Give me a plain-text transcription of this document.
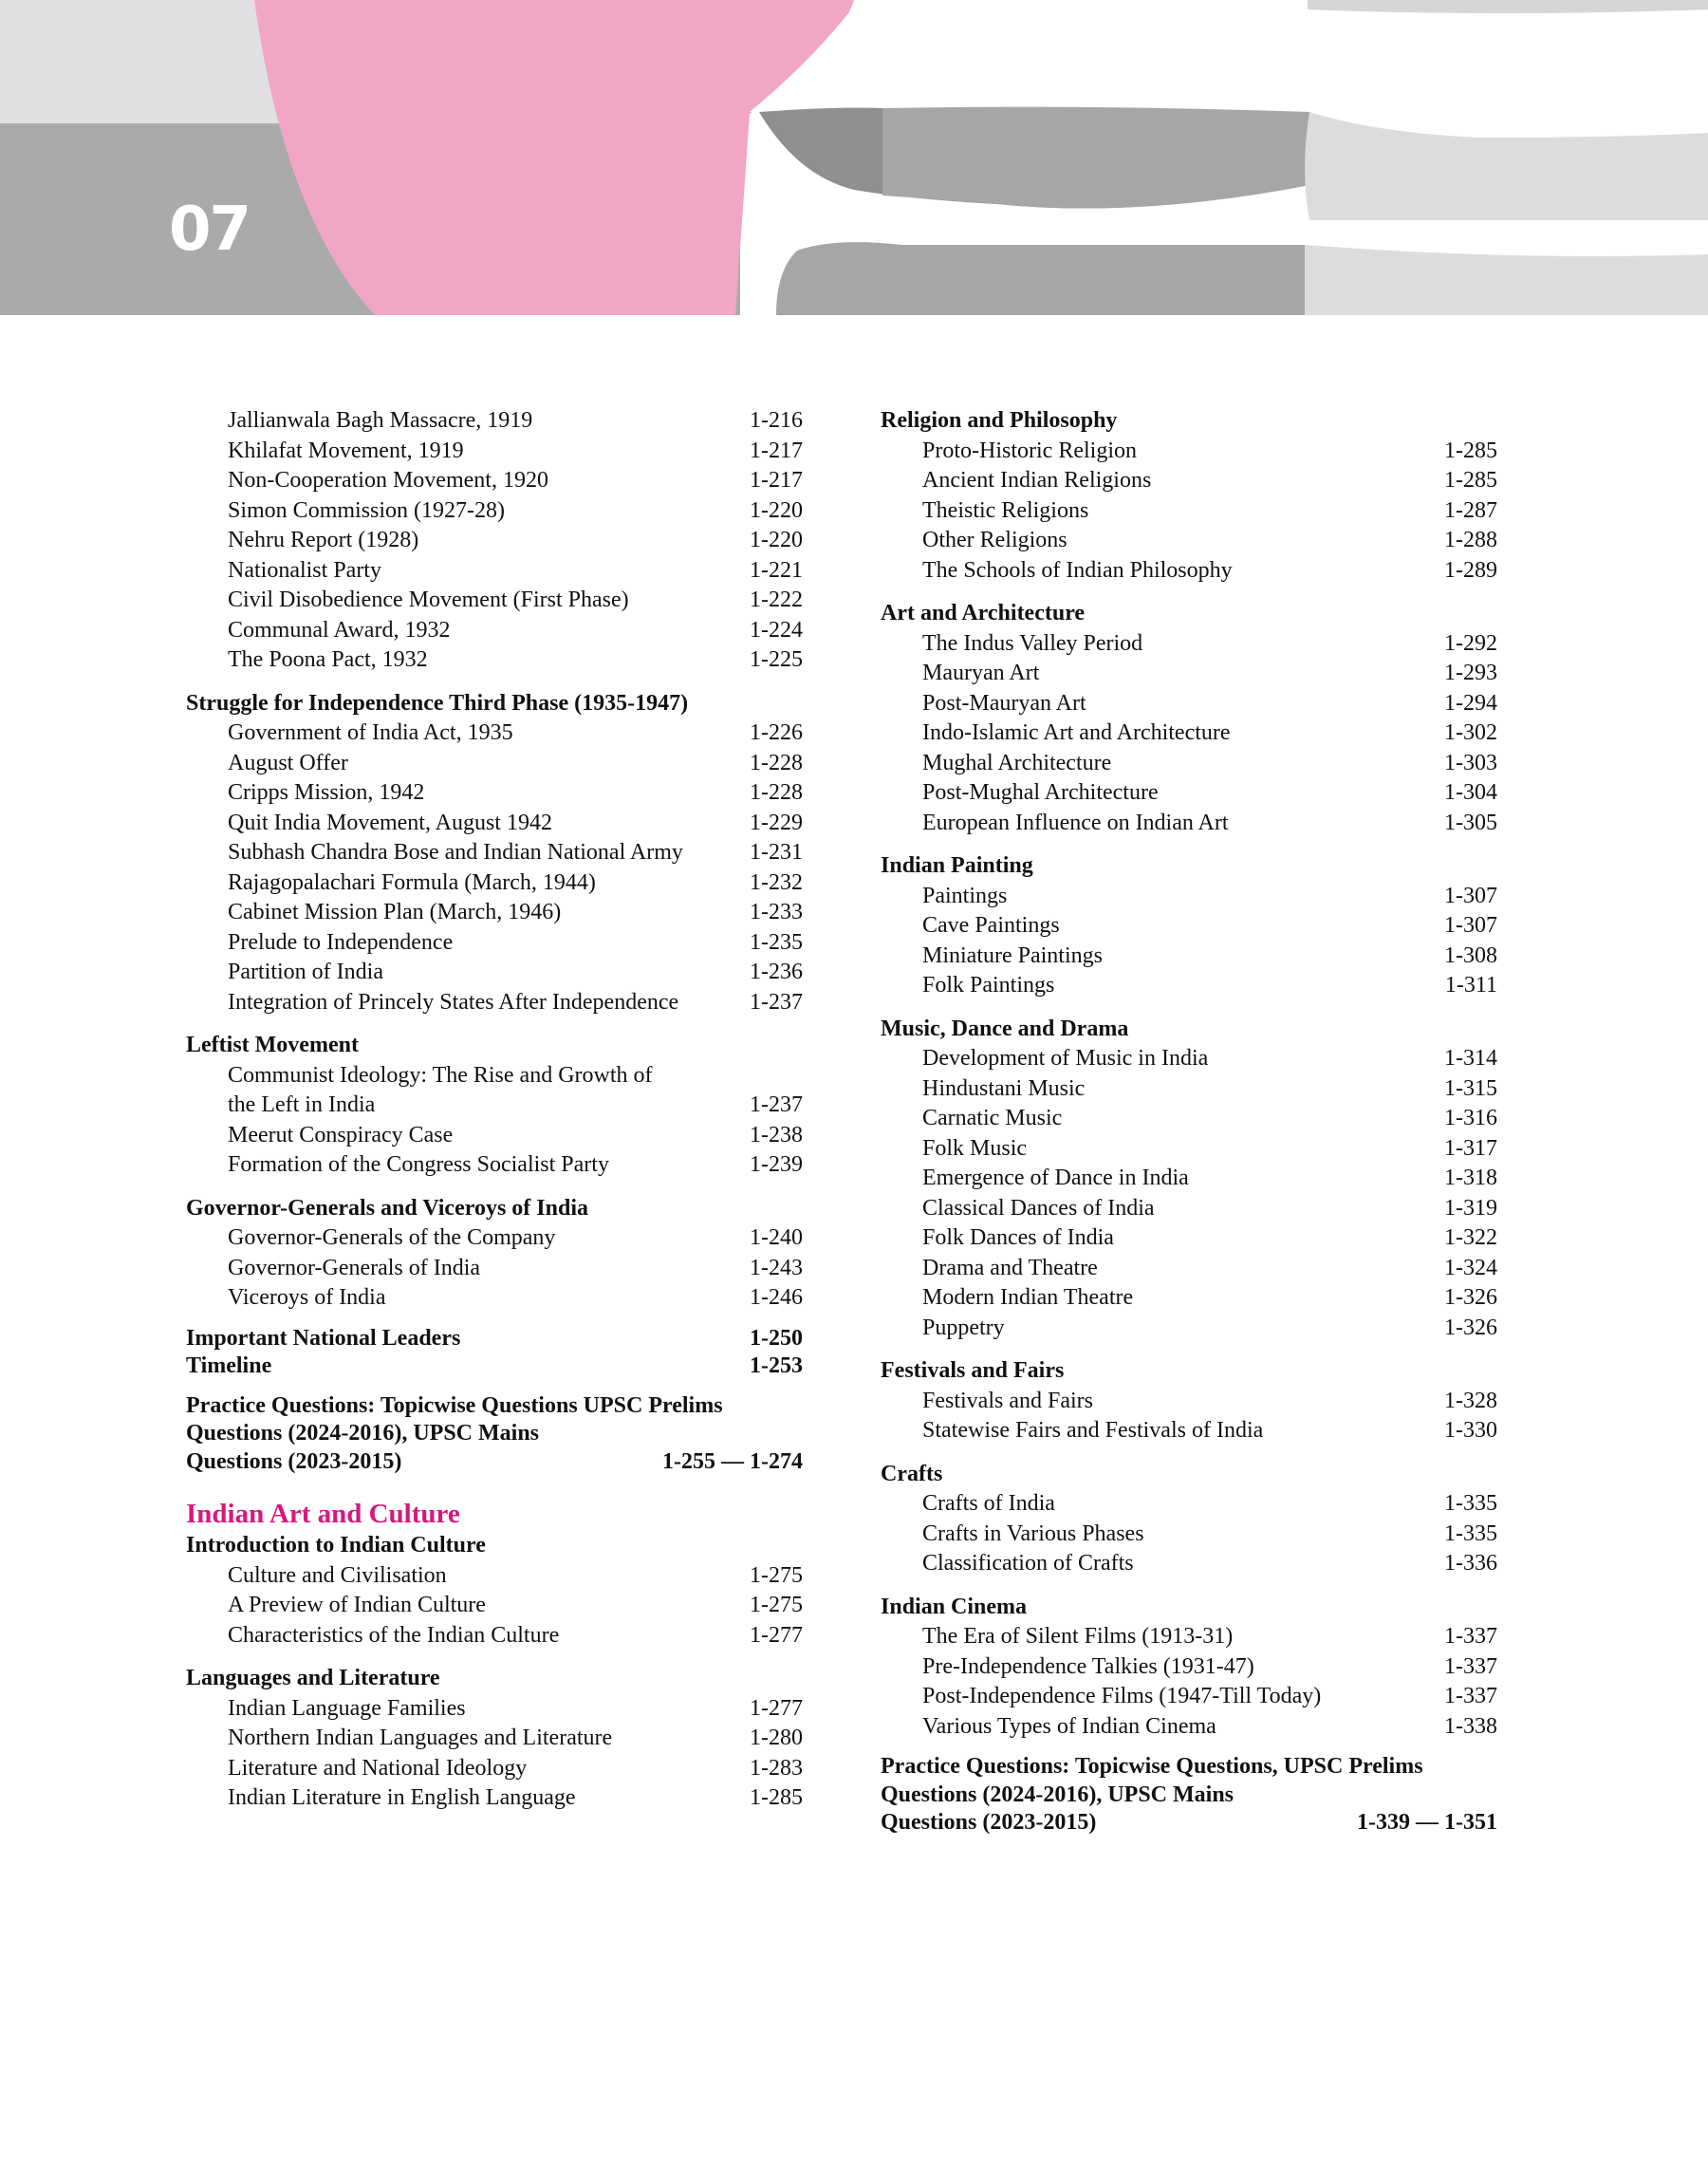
07
Jallianwala Bagh Massacre, 1919	1-216
Khilafat Movement, 1919	1-217
Non-Cooperation Movement, 1920	1-217
Simon Commission (1927-28)	1-220
Nehru Report (1928)	1-220
Nationalist Party	1-221
Civil Disobedience Movement (First Phase)	1-222
Communal Award, 1932	1-224
The Poona Pact, 1932	1-225
Struggle for Independence Third Phase (1935-1947)
Government of India Act, 1935	1-226
August Offer	1-228
Cripps Mission, 1942	1-228
Quit India Movement, August 1942	1-229
Subhash Chandra Bose and Indian National Army	1-231
Rajagopalachari Formula (March, 1944)	1-232
Cabinet Mission Plan (March, 1946)	1-233
Prelude to Independence	1-235
Partition of India	1-236
Integration of Princely States After Independence	1-237
Leftist Movement
Communist Ideology: The Rise and Growth of
the Left in India	1-237
Meerut Conspiracy Case	1-238
Formation of the Congress Socialist Party	1-239
Governor-Generals and Viceroys of India
Governor-Generals of the Company	1-240
Governor-Generals of India	1-243
Viceroys of India	1-246
Important National Leaders	1-250
Timeline	1-253
Practice Questions: Topicwise Questions UPSC Prelims
Questions (2024-2016), UPSC Mains
Questions (2023-2015)	1-255 — 1-274
Indian Art and Culture
Introduction to Indian Culture
Culture and Civilisation	1-275
A Preview of Indian Culture	1-275
Characteristics of the Indian Culture	1-277
Languages and Literature
Indian Language Families	1-277
Northern Indian Languages and Literature	1-280
Literature and National Ideology	1-283
Indian Literature in English Language	1-285
Religion and Philosophy
Proto-Historic Religion	1-285
Ancient Indian Religions	1-285
Theistic Religions	1-287
Other Religions	1-288
The Schools of Indian Philosophy	1-289
Art and Architecture
The Indus Valley Period	1-292
Mauryan Art	1-293
Post-Mauryan Art	1-294
Indo-Islamic Art and Architecture	1-302
Mughal Architecture	1-303
Post-Mughal Architecture	1-304
European Influence on Indian Art	1-305
Indian Painting
Paintings	1-307
Cave Paintings	1-307
Miniature Paintings	1-308
Folk Paintings	1-311
Music, Dance and Drama
Development of Music in India	1-314
Hindustani Music	1-315
Carnatic Music	1-316
Folk Music	1-317
Emergence of Dance in India	1-318
Classical Dances of India	1-319
Folk Dances of India	1-322
Drama and Theatre	1-324
Modern Indian Theatre	1-326
Puppetry	1-326
Festivals and Fairs
Festivals and Fairs	1-328
Statewise Fairs and Festivals of India	1-330
Crafts
Crafts of India	1-335
Crafts in Various Phases	1-335
Classification of Crafts	1-336
Indian Cinema
The Era of Silent Films (1913-31)	1-337
Pre-Independence Talkies (1931-47)	1-337
Post-Independence Films (1947-Till Today)	1-337
Various Types of Indian Cinema	1-338
Practice Questions: Topicwise Questions, UPSC Prelims
Questions (2024-2016), UPSC Mains
Questions (2023-2015)	1-339 — 1-351
